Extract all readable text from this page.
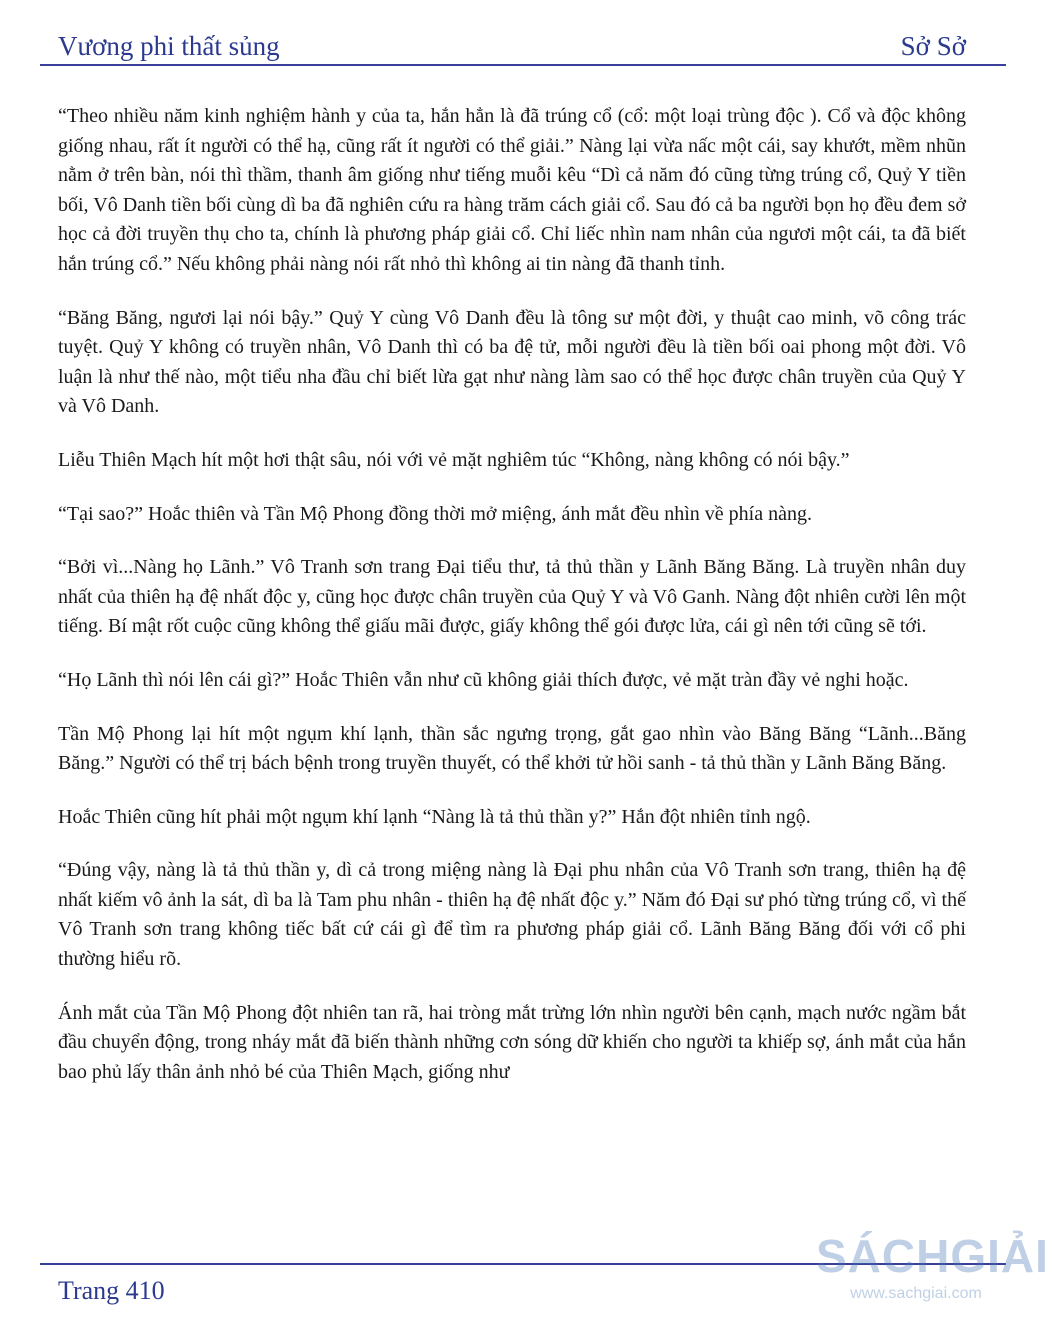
Vương phi thất sủng	Sở Sở

“Theo nhiều năm kinh nghiệm hành y của ta, hắn hẳn là đã trúng cổ (cổ: một loại trùng độc ). Cổ và độc không giống nhau, rất ít người có thể hạ, cũng rất ít người có thể giải.” Nàng lại vừa nấc một cái, say khướt, mềm nhũn nằm ở trên bàn, nói thì thầm, thanh âm giống như tiếng muỗi kêu “Dì cả năm đó cũng từng trúng cổ, Quỷ Y tiền bối, Vô Danh tiền bối cùng dì ba đã nghiên cứu ra hàng trăm cách giải cổ. Sau đó cả ba người bọn họ đều đem sở học cả đời truyền thụ cho ta, chính là phương pháp giải cổ. Chỉ liếc nhìn nam nhân của ngươi một cái, ta đã biết hắn trúng cổ.” Nếu không phải nàng nói rất nhỏ thì không ai tin nàng đã thanh tỉnh.

“Băng Băng, ngươi lại nói bậy.” Quỷ Y cùng Vô Danh đều là tông sư một đời, y thuật cao minh, võ công trác tuyệt. Quỷ Y không có truyền nhân, Vô Danh thì có ba đệ tử, mỗi người đều là tiền bối oai phong một đời. Vô luận là như thế nào, một tiểu nha đầu chỉ biết lừa gạt như nàng làm sao có thể học được chân truyền của Quỷ Y và Vô Danh.

Liễu Thiên Mạch hít một hơi thật sâu, nói với vẻ mặt nghiêm túc “Không, nàng không có nói bậy.”

“Tại sao?” Hoắc thiên và Tần Mộ Phong đồng thời mở miệng, ánh mắt đều nhìn về phía nàng.

“Bởi vì...Nàng họ Lãnh.” Vô Tranh sơn trang Đại tiểu thư, tả thủ thần y Lãnh Băng Băng. Là truyền nhân duy nhất của thiên hạ đệ nhất độc y, cũng học được chân truyền của Quỷ Y và Vô Ganh. Nàng đột nhiên cười lên một tiếng. Bí mật rốt cuộc cũng không thể giấu mãi được, giấy không thể gói được lửa, cái gì nên tới cũng sẽ tới.

“Họ Lãnh thì nói lên cái gì?” Hoắc Thiên vẫn như cũ không giải thích được, vẻ mặt tràn đầy vẻ nghi hoặc.

Tần Mộ Phong lại hít một ngụm khí lạnh, thần sắc ngưng trọng, gắt gao nhìn vào Băng Băng “Lãnh...Băng Băng.” Người có thể trị bách bệnh trong truyền thuyết, có thể khởi tử hồi sanh - tả thủ thần y Lãnh Băng Băng.

Hoắc Thiên cũng hít phải một ngụm khí lạnh “Nàng là tả thủ thần y?” Hắn đột nhiên tỉnh ngộ.

“Đúng vậy, nàng là tả thủ thần y, dì cả trong miệng nàng là Đại phu nhân của Vô Tranh sơn trang, thiên hạ đệ nhất kiếm vô ảnh la sát, dì ba là Tam phu nhân - thiên hạ đệ nhất độc y.” Năm đó Đại sư phó từng trúng cổ, vì thế Vô Tranh sơn trang không tiếc bất cứ cái gì để tìm ra phương pháp giải cổ. Lãnh Băng Băng đối với cổ phi thường hiểu rõ.

Ánh mắt của Tần Mộ Phong đột nhiên tan rã, hai tròng mắt trừng lớn nhìn người bên cạnh, mạch nước ngầm bắt đầu chuyển động, trong nháy mắt đã biến thành những cơn sóng dữ khiến cho người ta khiếp sợ, ánh mắt của hắn bao phủ lấy thân ảnh nhỏ bé của Thiên Mạch, giống như

Trang 410
SÁCHGIẢI
www.sachgiai.com
